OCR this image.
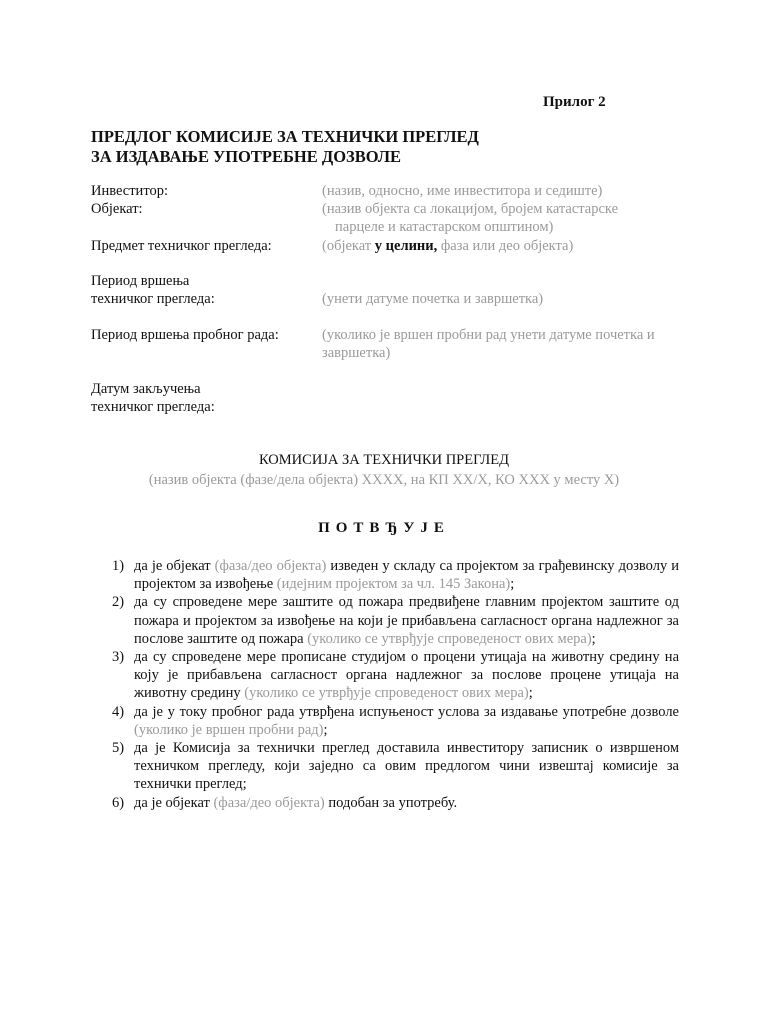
Прилог 2
ПРЕДЛОГ КОМИСИЈЕ ЗА ТЕХНИЧКИ ПРЕГЛЕД
ЗА ИЗДАВАЊЕ УПОТРЕБНЕ ДОЗВОЛЕ
Инвеститор:	(назив, односно, име инвеститора и седиште)
Објекат:	(назив објекта са локацијом, бројем катастарске
парцеле и катастарском општином)
Предмет техничког прегледа:	(објекат у целини, фаза или део објекта)
Период вршења
техничког прегледа:	(унети датуме почетка и завршетка)
Период вршења пробног рада:	(уколико је вршен пробни рад унети датуме почетка и
завршетка)
Датум закључења
техничког прегледа:
КОМИСИЈА ЗА ТЕХНИЧКИ ПРЕГЛЕД
(назив објекта (фазе/дела објекта) XXXX, на КП XX/X, КО XXX у месту X)
ПОТВЂУЈЕ
1) да је објекат (фаза/део објекта) изведен у складу са пројектом за грађевинску дозволу и пројектом за извођење (идејним пројектом за чл. 145 Закона);
2) да су спроведене мере заштите од пожара предвиђене главним пројектом заштите од пожара и пројектом за извођење на који је прибављена сагласност органа надлежног за послове заштите од пожара (уколико се утврђује спроведеност ових мера);
3) да су спроведене мере прописане студијом о процени утицаја на животну средину на коју је прибављена сагласност органа надлежног за послове процене утицаја на животну средину (уколико се утврђује спроведеност ових мера);
4) да је у току пробног рада утврђена испуњеност услова за издавање употребне дозволе (уколико је вршен пробни рад);
5) да је Комисија за технички преглед доставила инвеститору записник о извршеном техничком прегледу, који заједно са овим предлогом чини извештај комисије за технички преглед;
6) да је објекат (фаза/део објекта) подобан за употребу.
